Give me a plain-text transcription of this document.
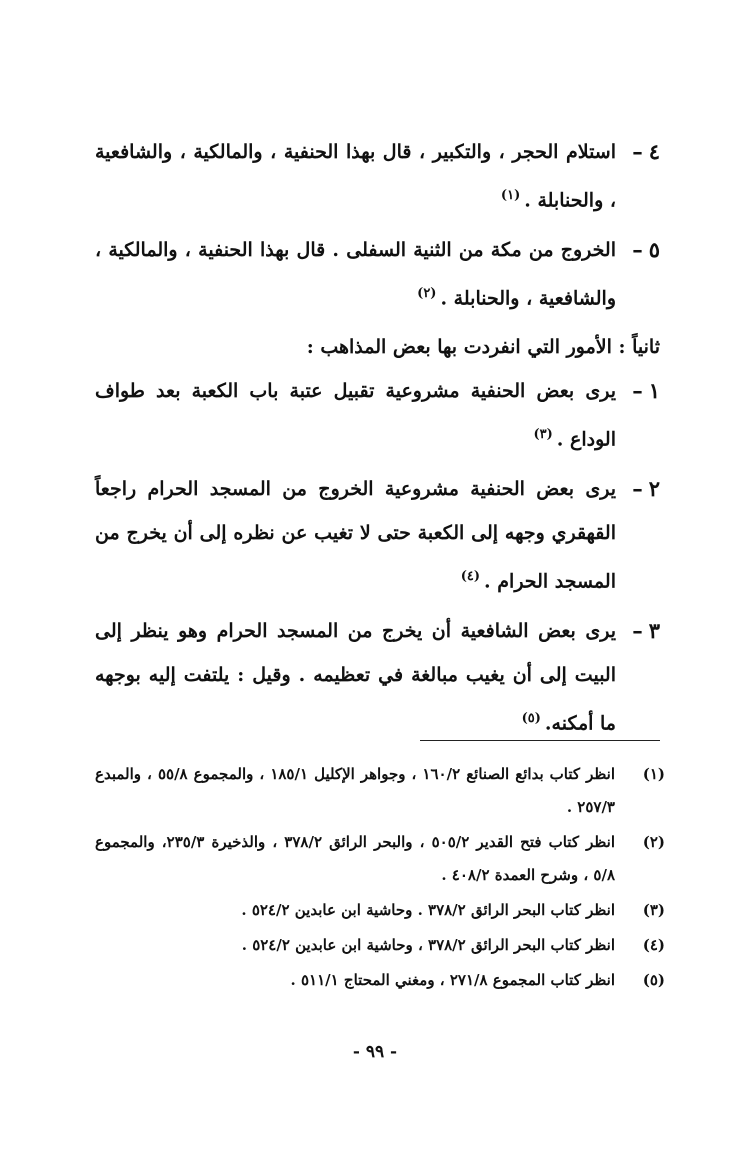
٤–
استلام الحجر ، والتكبير ، قال بهذا الحنفية ، والمالكية ، والشافعية ، والحنابلة .$^{(١)}$
٥–
الخروج من مكة من الثنية السفلى . قال بهذا الحنفية ، والمالكية ، والشافعية ، والحنابلة .$^{(٢)}$
ثانياً : الأمور التي انفردت بها بعض المذاهب :
١–
يرى بعض الحنفية مشروعية تقبيل عتبة باب الكعبة بعد طواف الوداع .$^{(٣)}$
٢–
يرى بعض الحنفية مشروعية الخروج من المسجد الحرام راجعاً القهقري وجهه إلى الكعبة حتى لا تغيب عن نظره إلى أن يخرج من المسجد الحرام .$^{(٤)}$
٣–
يرى بعض الشافعية أن يخرج من المسجد الحرام وهو ينظر إلى البيت إلى أن يغيب مبالغة في تعظيمه . وقيل : يلتفت إليه بوجهه ما أمكنه.$^{(٥)}$
(١)
انظر كتاب بدائع الصنائع ١٦٠/٢ ، وجواهر الإكليل ١٨٥/١ ، والمجموع ٥٥/٨ ، والمبدع ٢٥٧/٣ .
(٢)
انظر كتاب فتح القدير ٥٠٥/٢ ، والبحر الرائق ٣٧٨/٢ ، والذخيرة ٢٣٥/٣، والمجموع ٥/٨ ، وشرح العمدة ٤٠٨/٢ .
(٣)
انظر كتاب البحر الرائق ٣٧٨/٢ . وحاشية ابن عابدين ٥٢٤/٢ .
(٤)
انظر كتاب البحر الرائق ٣٧٨/٢ ، وحاشية ابن عابدين ٥٢٤/٢ .
(٥)
انظر كتاب المجموع ٢٧١/٨ ، ومغني المحتاج ٥١١/١ .
- ٩٩ -
